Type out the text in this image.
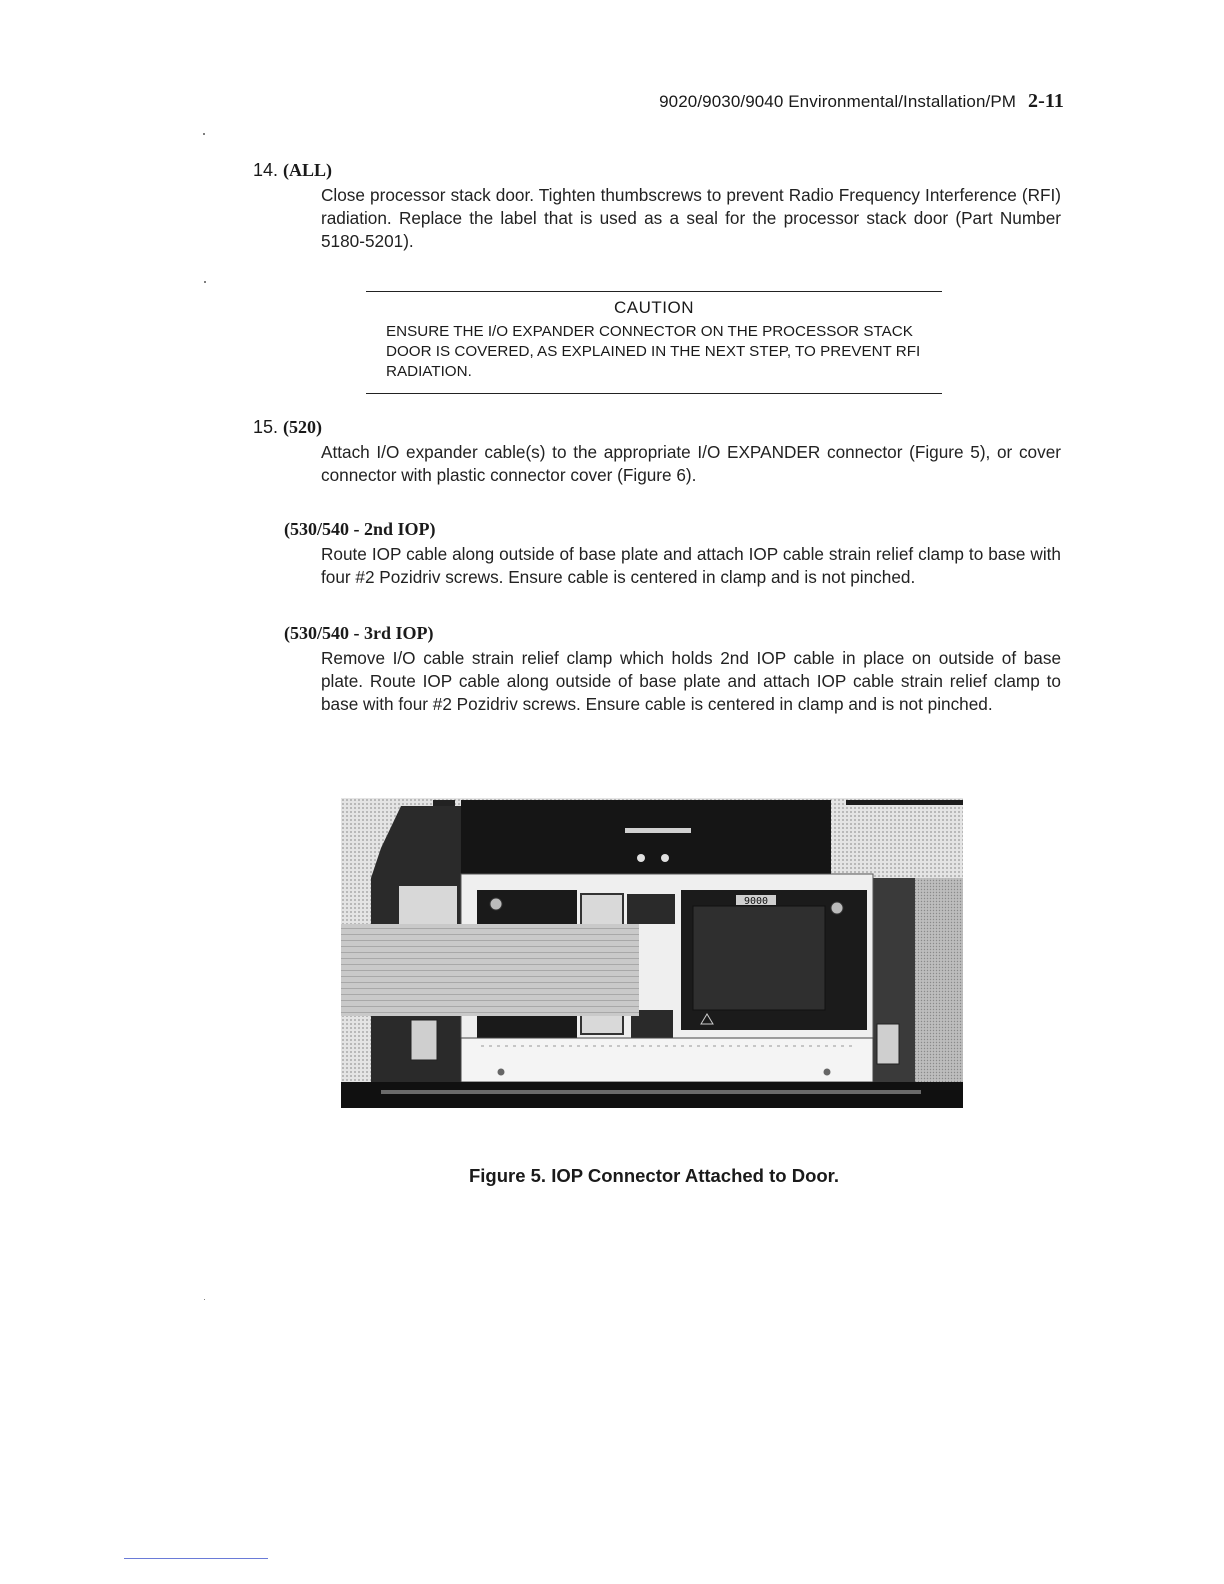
9020/9030/9040 Environmental/Installation/PM 2-11
14. (ALL)
Close processor stack door. Tighten thumbscrews to prevent Radio Frequency Interference (RFI) radiation. Replace the label that is used as a seal for the processor stack door (Part Number 5180-5201).
CAUTION
ENSURE THE I/O EXPANDER CONNECTOR ON THE PROCESSOR STACK DOOR IS COVERED, AS EXPLAINED IN THE NEXT STEP, TO PREVENT RFI RADIATION.
15. (520)
Attach I/O expander cable(s) to the appropriate I/O EXPANDER connector (Figure 5), or cover connector with plastic connector cover (Figure 6).
(530/540 - 2nd IOP)
Route IOP cable along outside of base plate and attach IOP cable strain relief clamp to base with four #2 Pozidriv screws. Ensure cable is centered in clamp and is not pinched.
(530/540 - 3rd IOP)
Remove I/O cable strain relief clamp which holds 2nd IOP cable in place on outside of base plate. Route IOP cable along outside of base plate and attach IOP cable strain relief clamp to base with four #2 Pozidriv screws. Ensure cable is centered in clamp and is not pinched.
9000
Figure 5. IOP Connector Attached to Door.
